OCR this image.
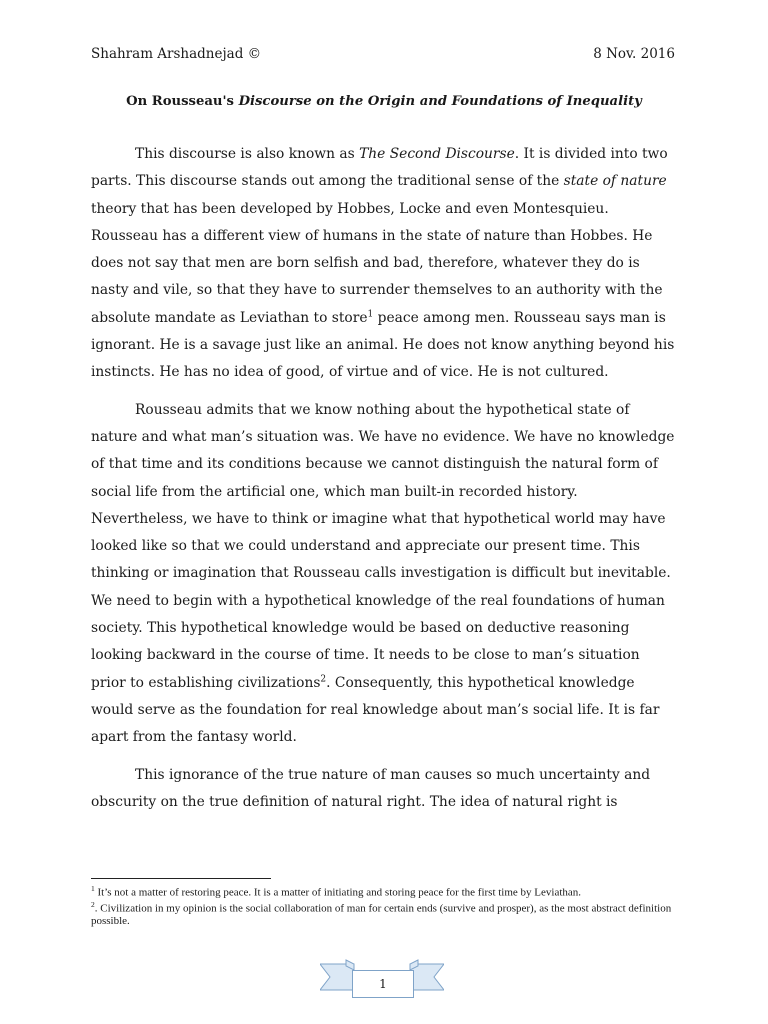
Shahram Arshadnejad ©	8 Nov. 2016
On Rousseau's Discourse on the Origin and Foundations of Inequality

This discourse is also known as The Second Discourse. It is divided into two parts. This discourse stands out among the traditional sense of the state of nature theory that has been developed by Hobbes, Locke and even Montesquieu. Rousseau has a different view of humans in the state of nature than Hobbes. He does not say that men are born selfish and bad, therefore, whatever they do is nasty and vile, so that they have to surrender themselves to an authority with the absolute mandate as Leviathan to store$^1$ peace among men. Rousseau says man is ignorant. He is a savage just like an animal. He does not know anything beyond his instincts. He has no idea of good, of virtue and of vice. He is not cultured.

Rousseau admits that we know nothing about the hypothetical state of nature and what man’s situation was. We have no evidence. We have no knowledge of that time and its conditions because we cannot distinguish the natural form of social life from the artificial one, which man built-in recorded history. Nevertheless, we have to think or imagine what that hypothetical world may have looked like so that we could understand and appreciate our present time. This thinking or imagination that Rousseau calls investigation is difficult but inevitable. We need to begin with a hypothetical knowledge of the real foundations of human society. This hypothetical knowledge would be based on deductive reasoning looking backward in the course of time. It needs to be close to man’s situation prior to establishing civilizations$^2$. Consequently, this hypothetical knowledge would serve as the foundation for real knowledge about man’s social life. It is far apart from the fantasy world.

This ignorance of the true nature of man causes so much uncertainty and obscurity on the true definition of natural right. The idea of natural right is

$^1$ It’s not a matter of restoring peace. It is a matter of initiating and storing peace for the first time by Leviathan.

$^2$. Civilization in my opinion is the social collaboration of man for certain ends (survive and prosper), as the most abstract definition possible.

1
